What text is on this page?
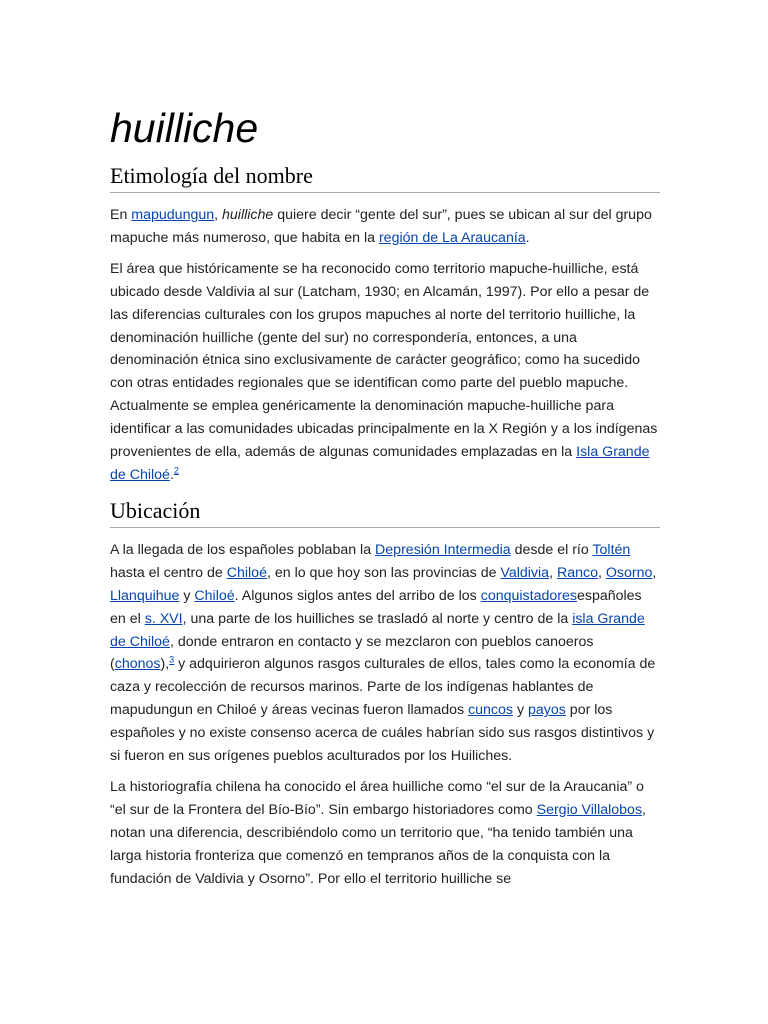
huilliche
Etimología del nombre

En mapudungun, huilliche quiere decir “gente del sur”, pues se ubican al sur del grupo mapuche más numeroso, que habita en la región de La Araucanía.

El área que históricamente se ha reconocido como territorio mapuche-huilliche, está ubicado desde Valdivia al sur (Latcham, 1930; en Alcamán, 1997). Por ello a pesar de las diferencias culturales con los grupos mapuches al norte del territorio huilliche, la denominación huilliche (gente del sur) no correspondería, entonces, a una denominación étnica sino exclusivamente de carácter geográfico; como ha sucedido con otras entidades regionales que se identifican como parte del pueblo mapuche. Actualmente se emplea genéricamente la denominación mapuche-huilliche para identificar a las comunidades ubicadas principalmente en la X Región y a los indígenas provenientes de ella, además de algunas comunidades emplazadas en la Isla Grande de Chiloé.$^2$

Ubicación

A la llegada de los españoles poblaban la Depresión Intermedia desde el río Toltén hasta el centro de Chiloé, en lo que hoy son las provincias de Valdivia, Ranco, Osorno, Llanquihue y Chiloé. Algunos siglos antes del arribo de los conquistadoresespañoles en el s. XVI, una parte de los huilliches se trasladó al norte y centro de la isla Grande de Chiloé, donde entraron en contacto y se mezclaron con pueblos canoeros (chonos),$^3$ y adquirieron algunos rasgos culturales de ellos, tales como la economía de caza y recolección de recursos marinos. Parte de los indígenas hablantes de mapudungun en Chiloé y áreas vecinas fueron llamados cuncos y payos por los españoles y no existe consenso acerca de cuáles habrían sido sus rasgos distintivos y si fueron en sus orígenes pueblos aculturados por los Huiliches.

La historiografía chilena ha conocido el área huilliche como “el sur de la Araucania” o “el sur de la Frontera del Bío-Bío”. Sin embargo historiadores como Sergio Villalobos, notan una diferencia, describiéndolo como un territorio que, “ha tenido también una larga historia fronteriza que comenzó en tempranos años de la conquista con la fundación de Valdivia y Osorno”. Por ello el territorio huilliche se
